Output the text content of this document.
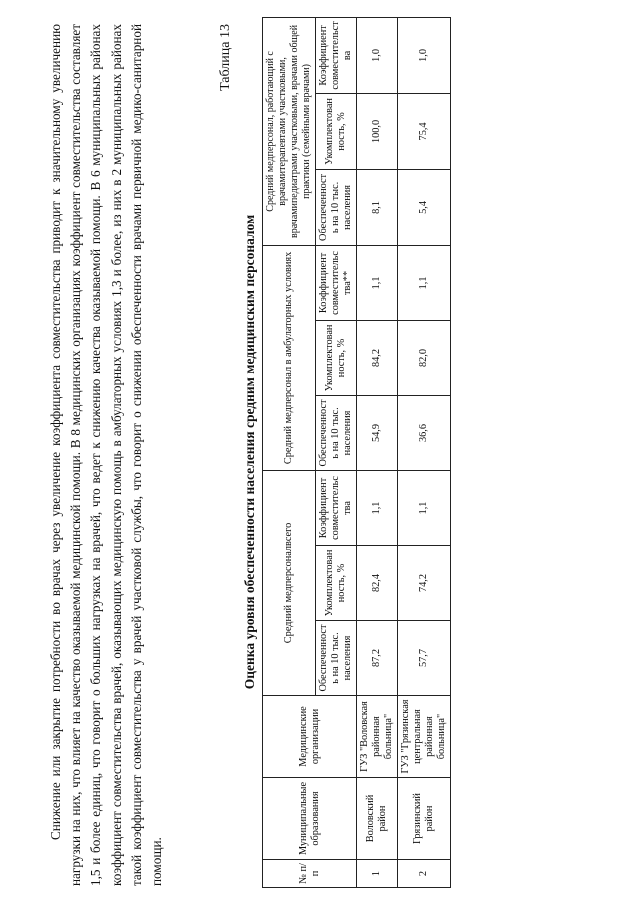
Снижение или закрытие потребности во врачах через увеличение коэффициента совместительства приводит к значительному увеличению нагрузки на них, что влияет на качество оказываемой медицинской помощи. В 8 медицинских организациях коэффициент совместительства составляет 1,5 и более единиц, что говорит о больших нагрузках на врачей, что ведет к снижению качества оказываемой помощи. В 6 муниципальных районах коэффициент совместительства врачей, оказывающих медицинскую помощь в амбулаторных условиях 1,3 и более, из них в 2 муниципальных районах такой коэффициент совместительства у врачей участковой службы, что говорит о снижении обеспеченности врачами первичной медико-санитарной помощи.

Таблица 13
Оценка уровня обеспеченности населения средним медицинским персоналом
№ п/п	Муниципальные образования	Медицинские организации	Средний медперсоналвсего			Средний медперсонал в амбулаторных условиях			Средний медперсонал, работающий с врачамитерапевтами участковыми, врачамипедиатрами участковыми, врачами общей практики (семейными врачами)		
			Обеспеченность на 10 тыс. населения	Укомплектованность, %	Коэффициент совместительства	Обеспеченность на 10 тыс. населения	Укомплектованность, %	Коэффициент совместительства**	Обеспеченность на 10 тыс. населения	Укомплектованность, %	Коэффициент совместительства
1	Воловский район	ГУЗ "Воловская районная больница"	87,2	82,4	1,1	54,9	84,2	1,1	8,1	100,0	1,0
2	Грязинский район	ГУЗ "Грязинская центральная районная больница"	57,7	74,2	1,1	36,6	82,0	1,1	5,4	75,4	1,0
